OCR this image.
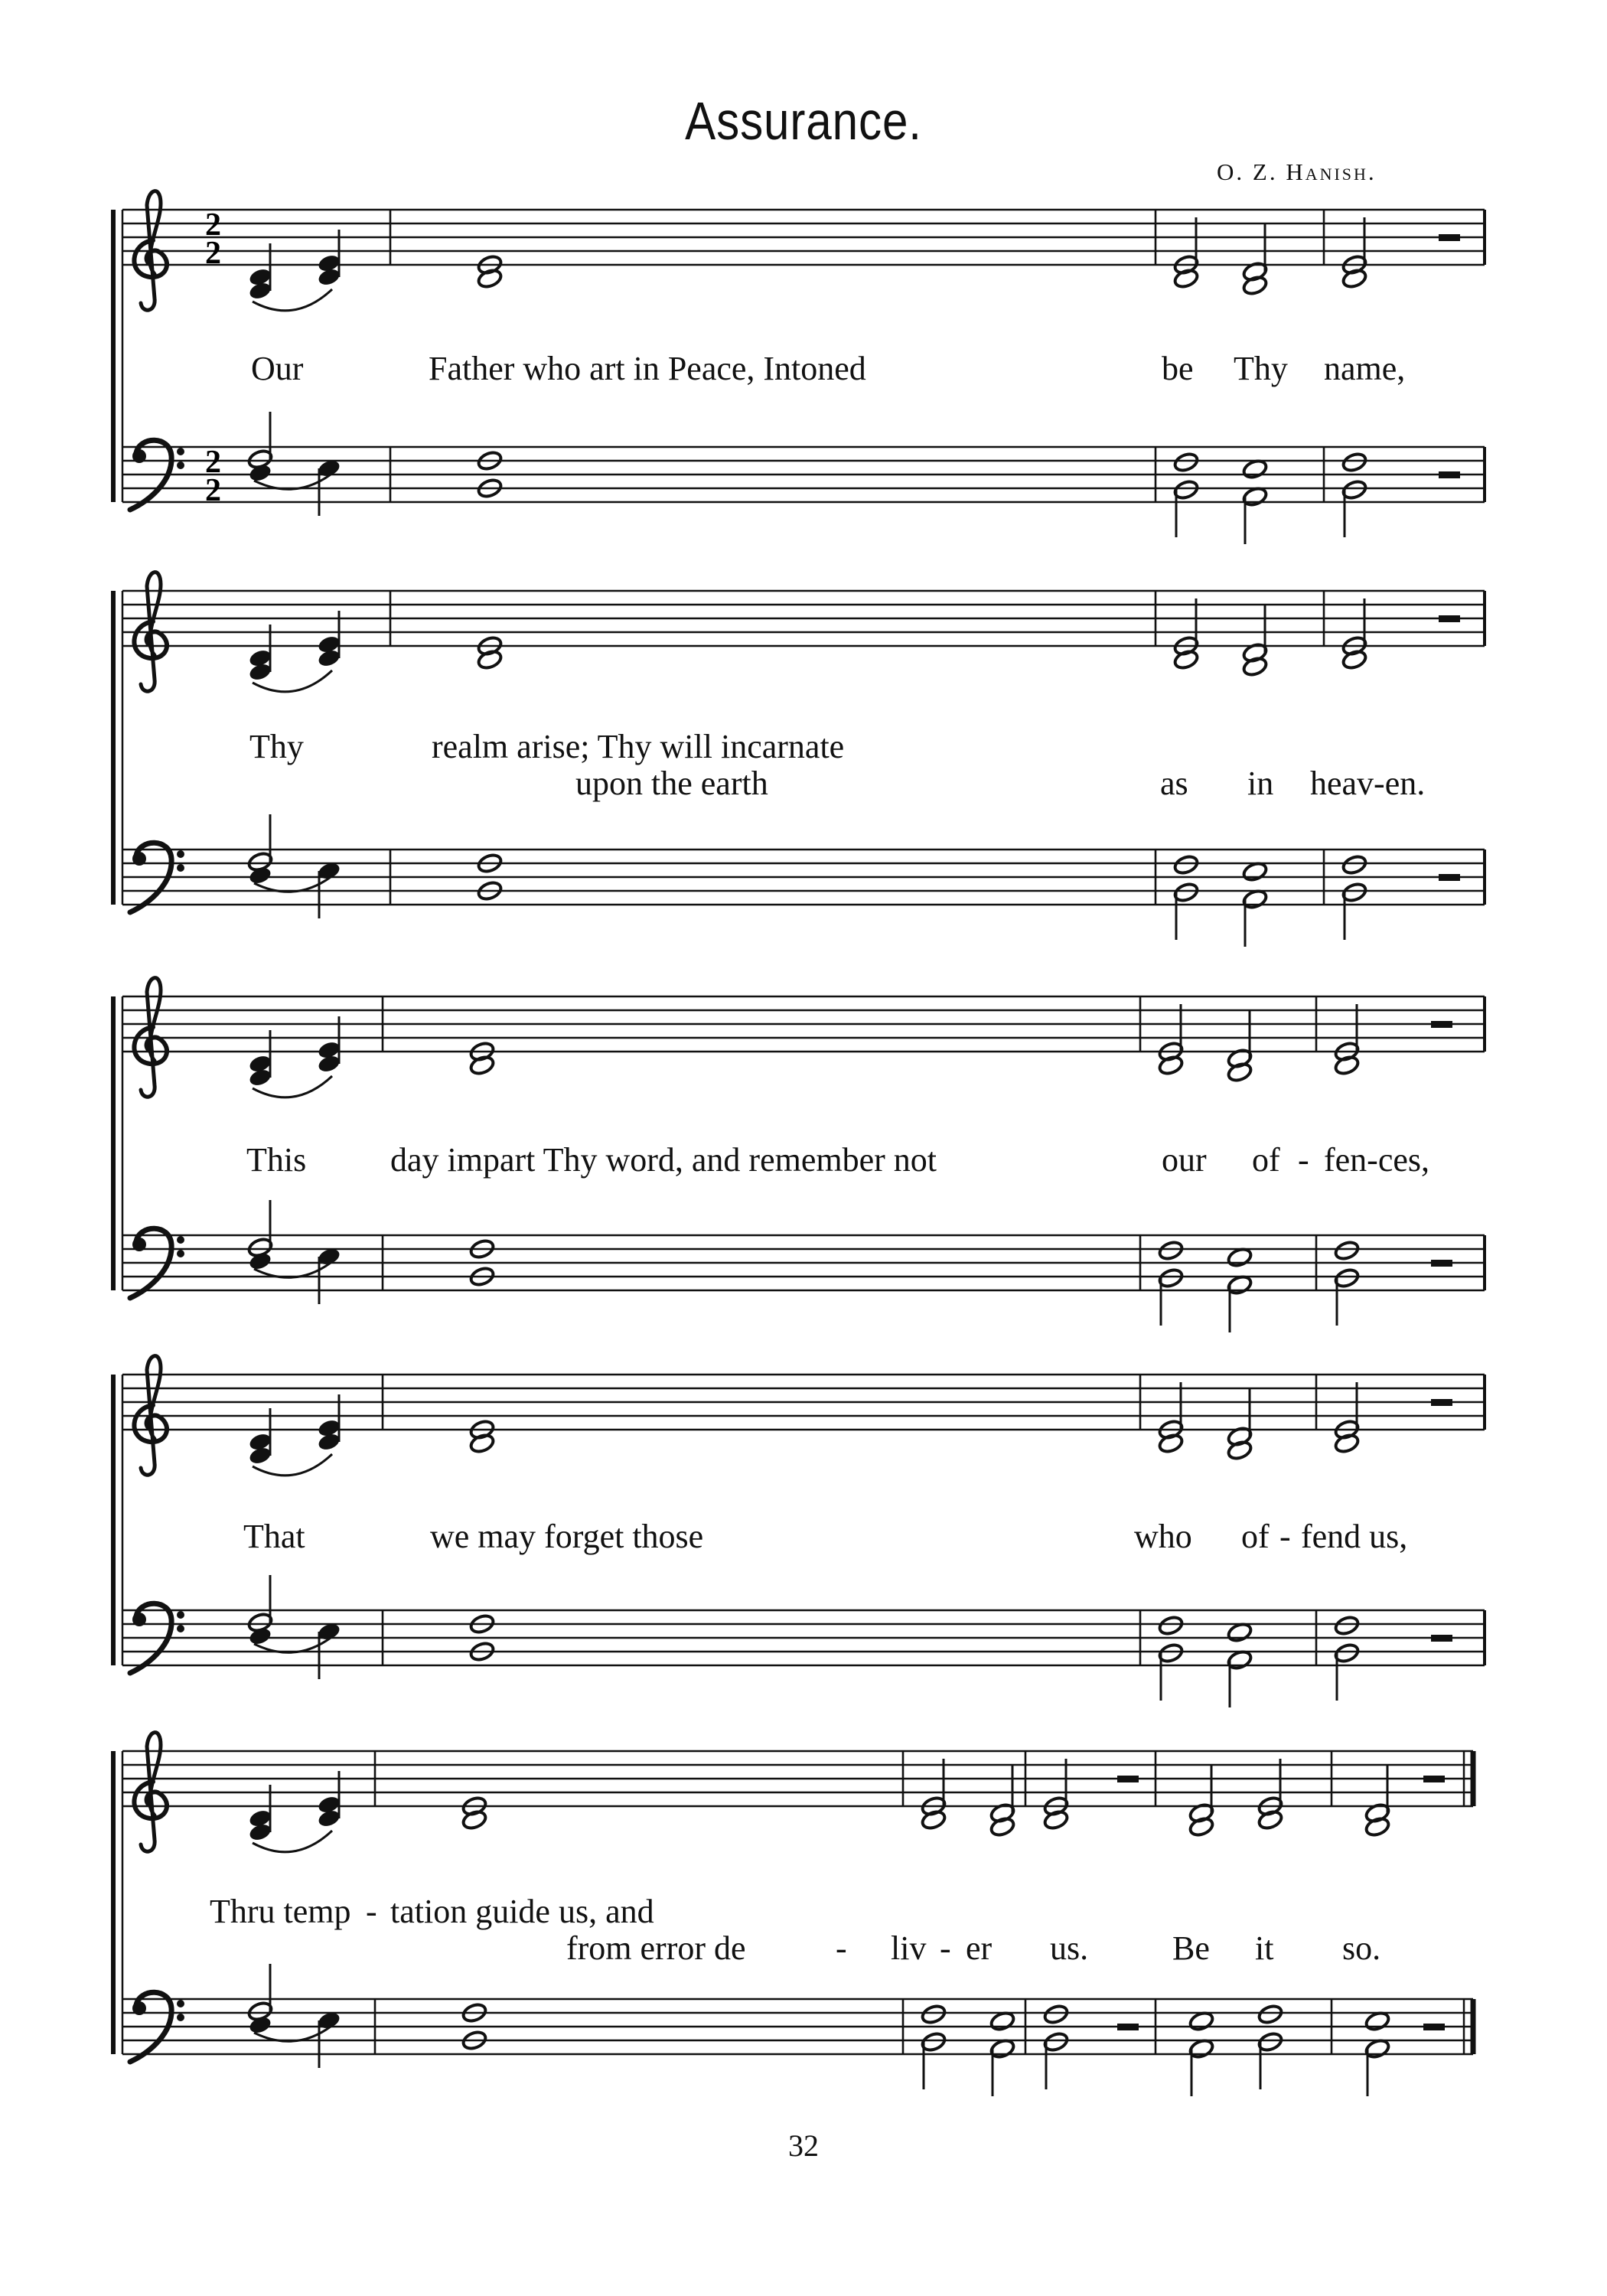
Assurance.
O. Z. Hanish.
2
2
2
2
Our	Father who art in Peace, Intoned	be Thy name,
Thy	realm arise; Thy will incarnate
upon the earth	as in heav-en.
This day impart Thy word, and remember not	our of - fen-ces,
That	we may forget those	who of - fend us,
Thru temp - tation guide us, and
from error de	- liv - er us. Be it so.
32
